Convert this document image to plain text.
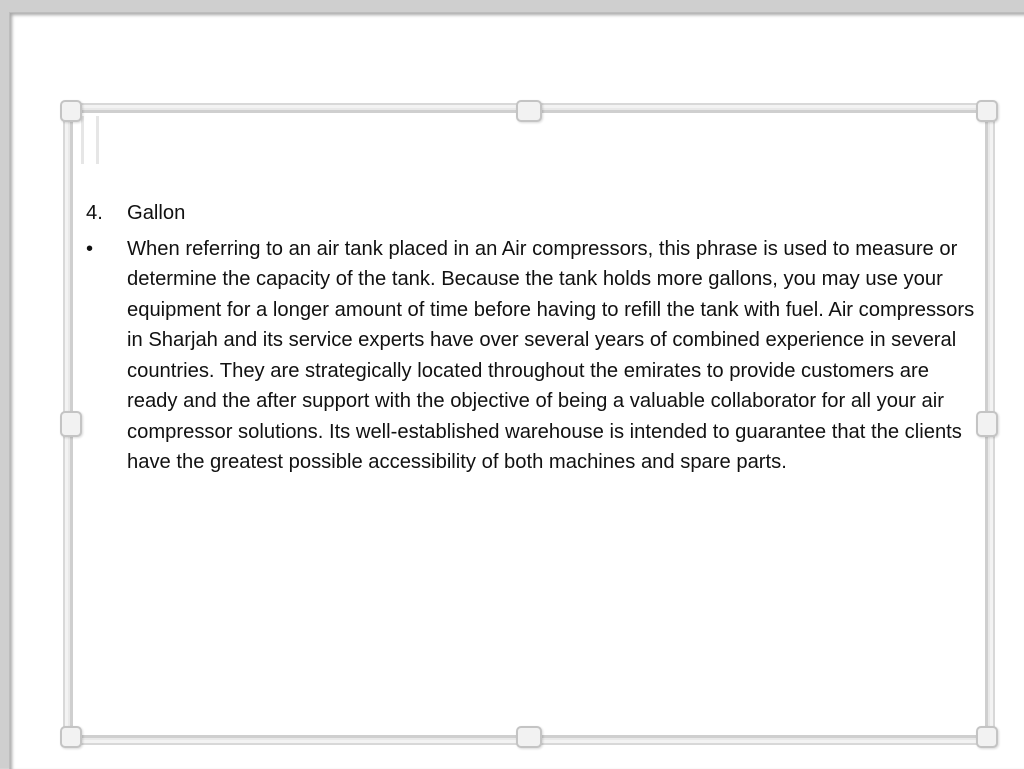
4.	Gallon
•	When referring to an air tank placed in an Air compressors, this phrase is used to measure or determine the capacity of the tank. Because the tank holds more gallons, you may use your equipment for a longer amount of time before having to refill the tank with fuel. Air compressors in Sharjah and its service experts have over several years of combined experience in several countries. They are strategically located throughout the emirates to provide customers are ready and the after support with the objective of being a valuable collaborator for all your air compressor solutions. Its well-established warehouse is intended to guarantee that the clients have the greatest possible accessibility of both machines and spare parts.
